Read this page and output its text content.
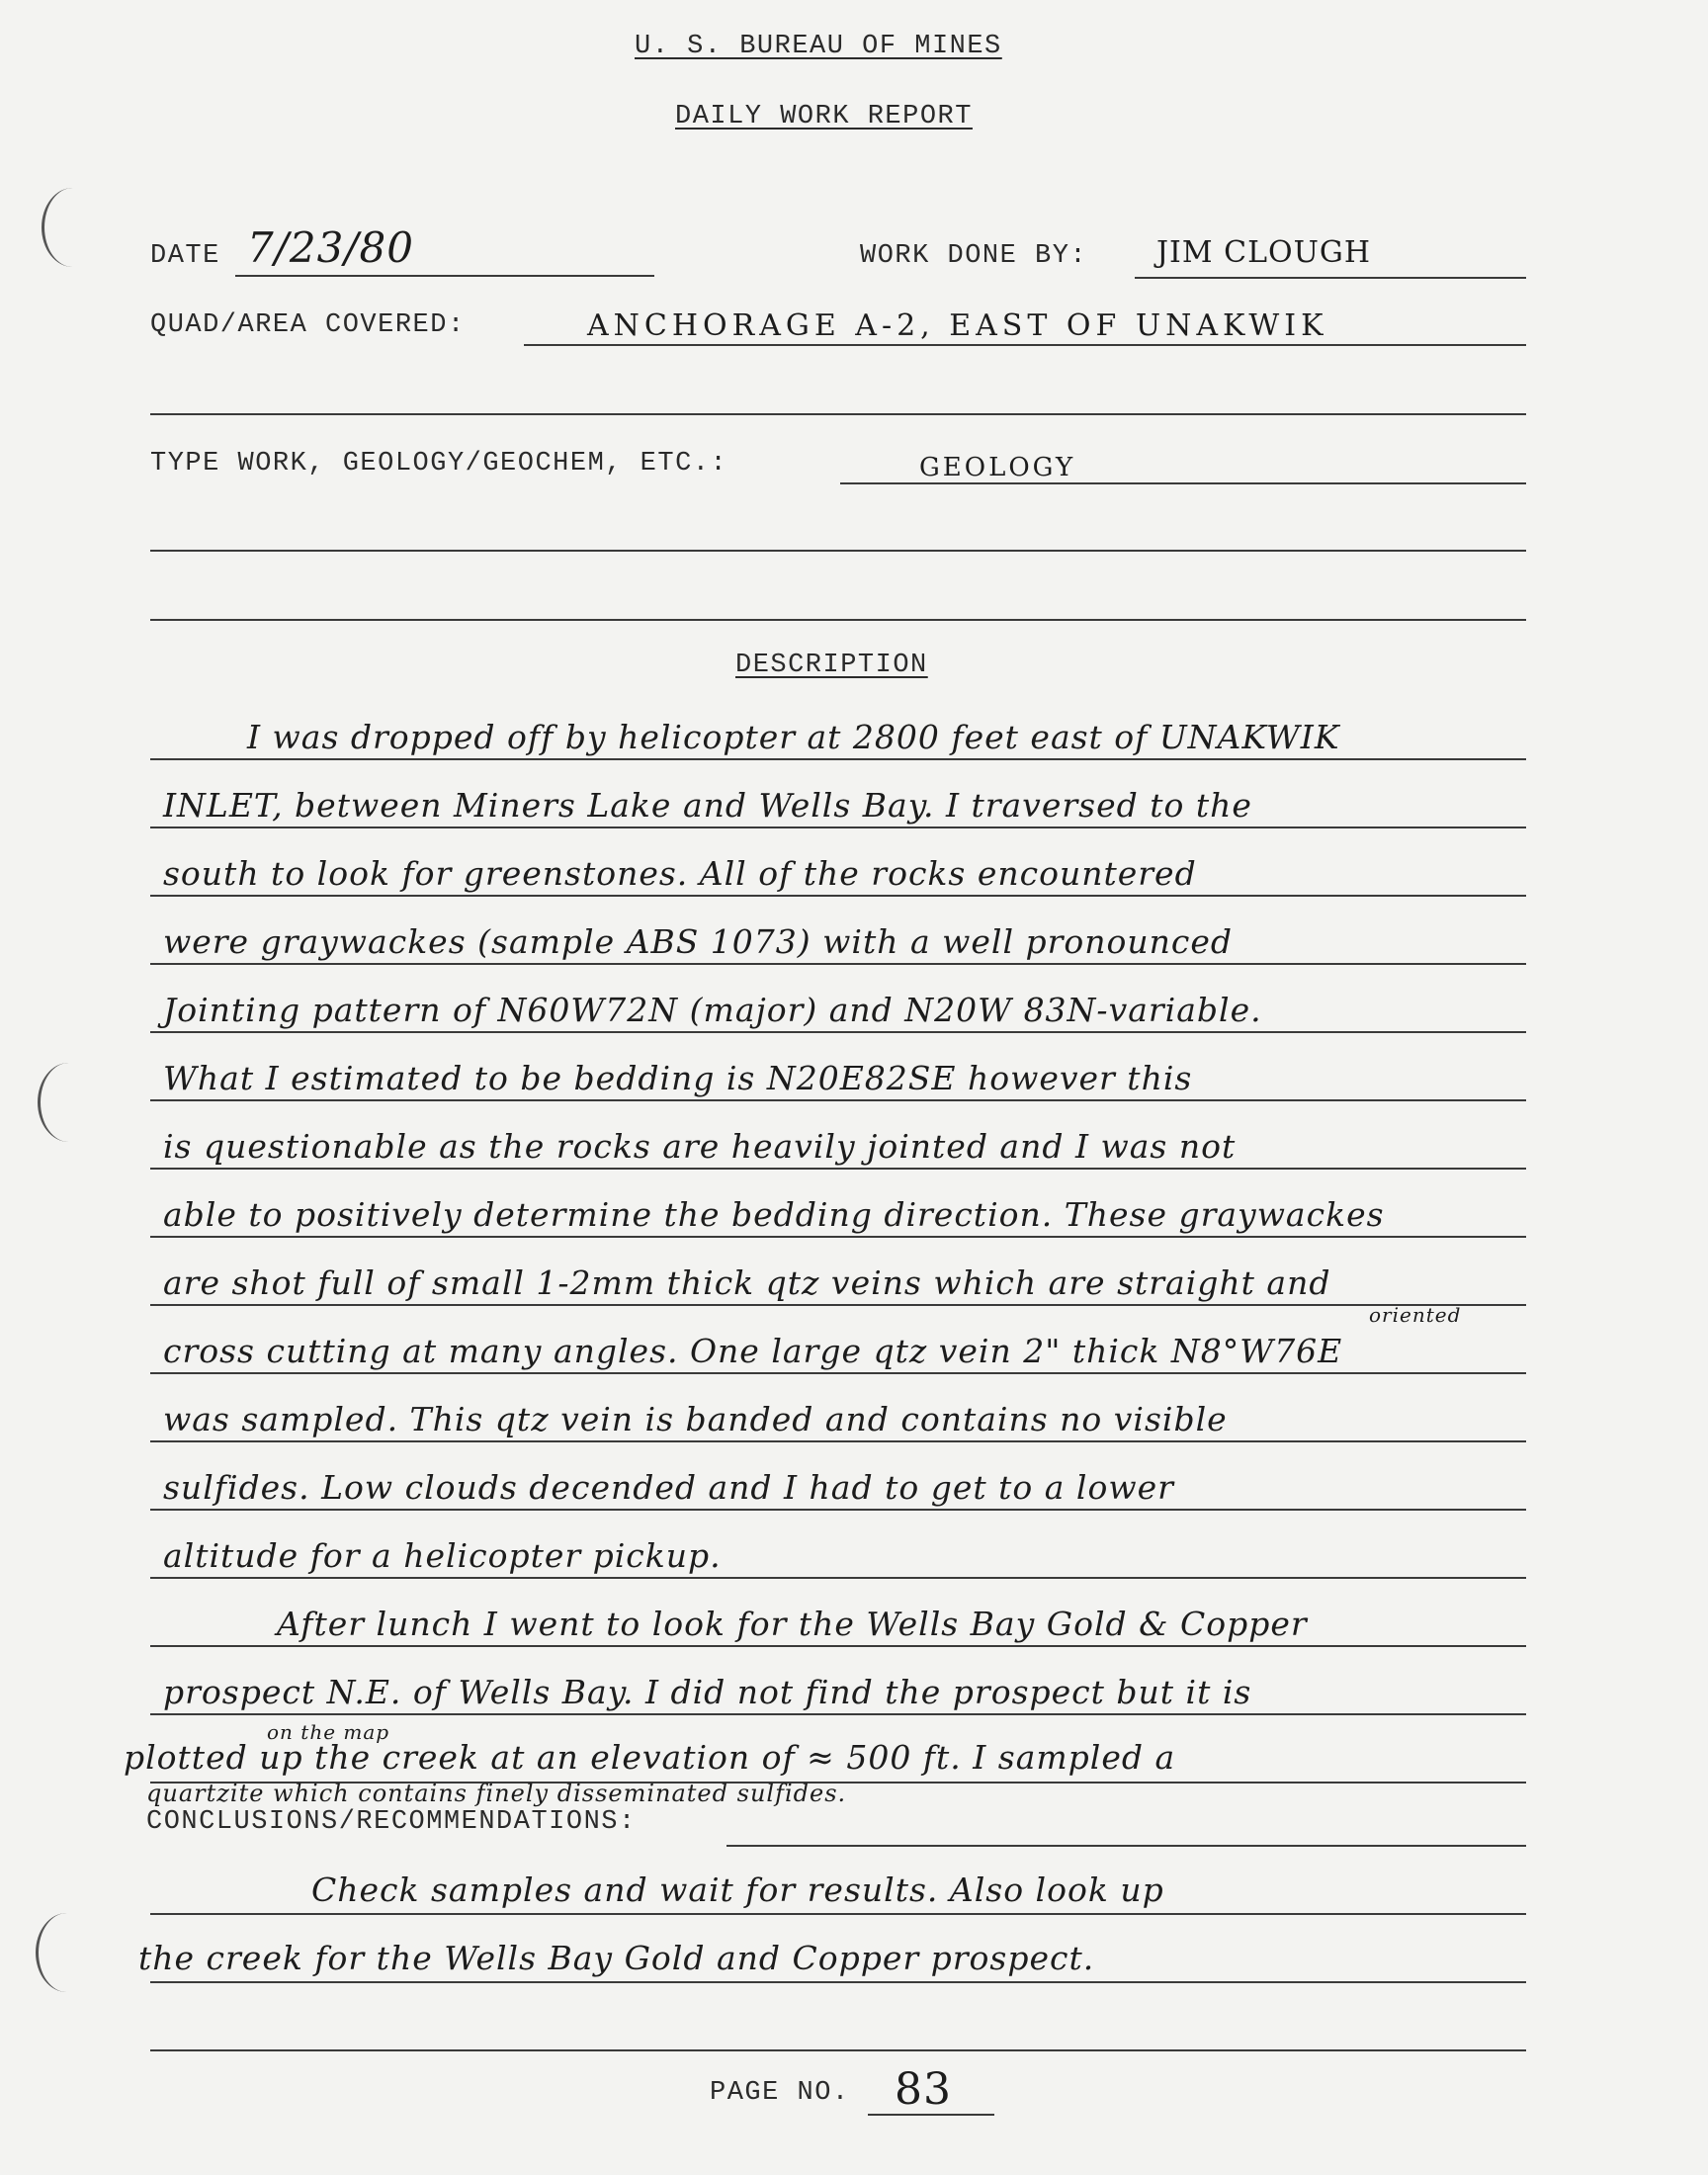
U. S. BUREAU OF MINES
DAILY WORK REPORT
DATE 7/23/80	WORK DONE BY: JIM CLOUGH
QUAD/AREA COVERED:	ANCHORAGE A-2, EAST OF UNAKWIK
TYPE WORK, GEOLOGY/GEOCHEM, ETC.:	GEOLOGY
DESCRIPTION
I was dropped off by helicopter at 2800 feet east of UNAKWIK
INLET, between Miners Lake and Wells Bay. I traversed to the
south to look for greenstones. All of the rocks encountered
were graywackes (sample ABS 1073) with a well pronounced
Jointing pattern of N60W72N (major) and N20W 83N-variable.
What I estimated to be bedding is N20E82SE however this
is questionable as the rocks are heavily jointed and I was not
able to positively determine the bedding direction. These graywackes
are shot full of small 1-2mm thick qtz veins which are straight and
oriented
cross cutting at many angles. One large qtz vein 2" thick N8°W76E
was sampled. This qtz vein is banded and contains no visible
sulfides. Low clouds decended and I had to get to a lower
altitude for a helicopter pickup.
After lunch I went to look for the Wells Bay Gold & Copper
prospect N.E. of Wells Bay. I did not find the prospect but it is
on the map
plotted up the creek at an elevation of ≈ 500 ft. I sampled a
quartzite which contains finely disseminated sulfides.
CONCLUSIONS/RECOMMENDATIONS:
Check samples and wait for results. Also look up
the creek for the Wells Bay Gold and Copper prospect.
PAGE NO. 83
